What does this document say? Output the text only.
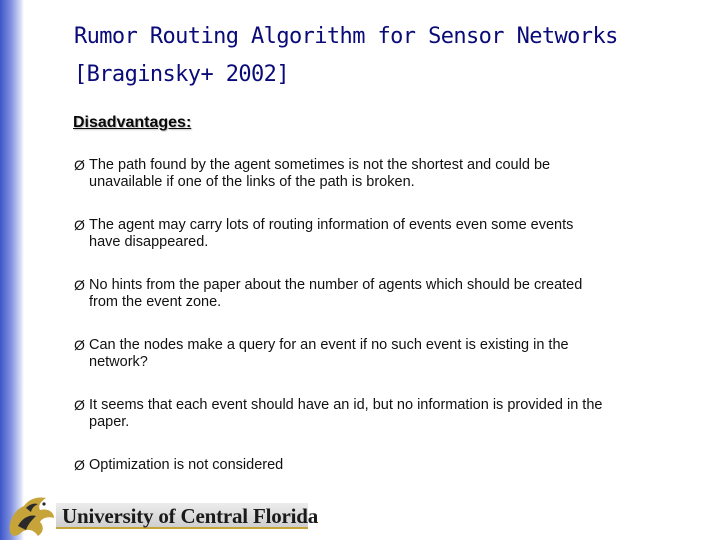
Rumor Routing Algorithm for Sensor Networks
[Braginsky+ 2002]
Disadvantages:
Ø The path found by the agent sometimes is not the shortest and could be
unavailable if one of the links of the path is broken.
Ø The agent may carry lots of routing information of events even some events
have disappeared.
Ø No hints from the paper about the number of agents which should be created
from the event zone.
Ø Can the nodes make a query for an event if no such event is existing in the
network?
Ø It seems that each event should have an id, but no information is provided in the
paper.
Ø Optimization is not considered
University of Central Florida
